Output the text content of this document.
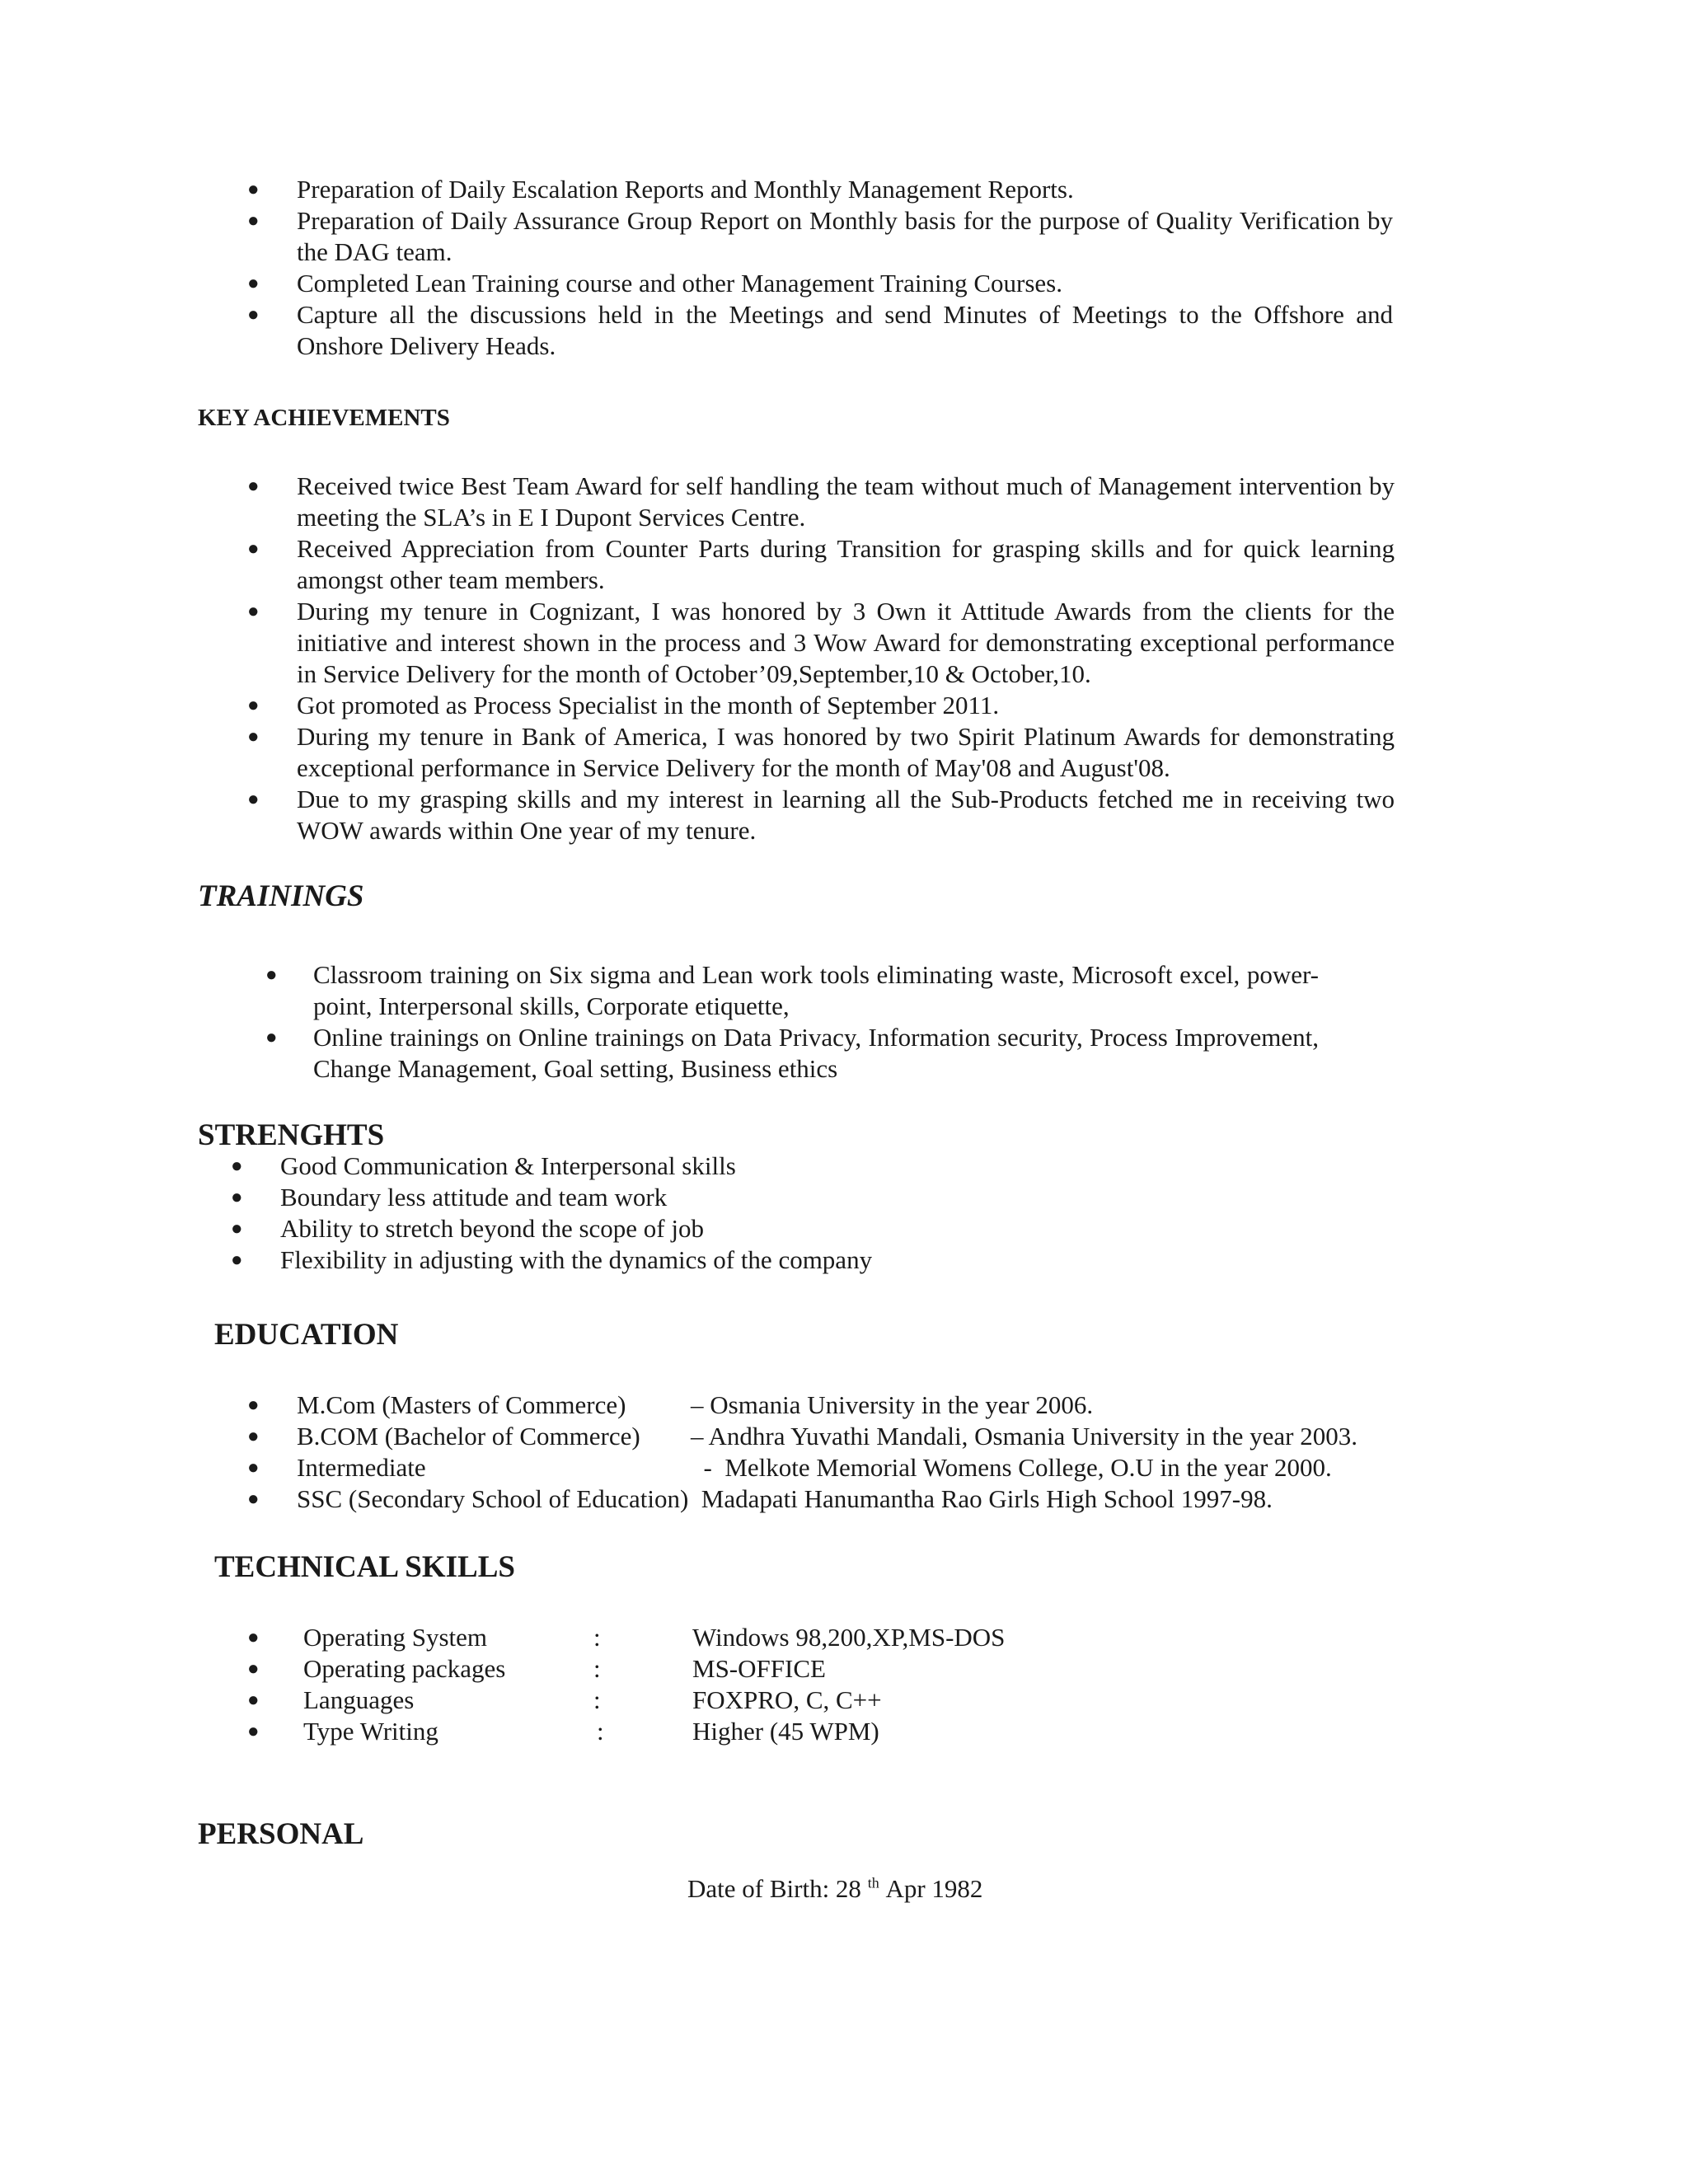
● Preparation of Daily Escalation Reports and Monthly Management Reports.
● Preparation of Daily Assurance Group Report on Monthly basis for the purpose of Quality Verification by the DAG team.
● Completed Lean Training course and other Management Training Courses.
● Capture all the discussions held in the Meetings and send Minutes of Meetings to the Offshore and Onshore Delivery Heads.
KEY ACHIEVEMENTS
● Received twice Best Team Award for self handling the team without much of Management intervention by meeting the SLA’s in E I Dupont Services Centre.
● Received Appreciation from Counter Parts during Transition for grasping skills and for quick learning amongst other team members.
● During my tenure in Cognizant, I was honored by 3 Own it Attitude Awards from the clients for the initiative and interest shown in the process and 3 Wow Award for demonstrating exceptional performance in Service Delivery for the month of October’09,September,10 & October,10.
● Got promoted as Process Specialist in the month of September 2011.
● During my tenure in Bank of America, I was honored by two Spirit Platinum Awards for demonstrating exceptional performance in Service Delivery for the month of May'08 and August'08.
● Due to my grasping skills and my interest in learning all the Sub-Products fetched me in receiving two WOW awards within One year of my tenure.
TRAININGS
● Classroom training on Six sigma and Lean work tools eliminating waste, Microsoft excel, power-point, Interpersonal skills, Corporate etiquette,
● Online trainings on Online trainings on Data Privacy, Information security, Process Improvement, Change Management, Goal setting, Business ethics
STRENGHTS
● Good Communication & Interpersonal skills
● Boundary less attitude and team work
● Ability to stretch beyond the scope of job
● Flexibility in adjusting with the dynamics of the company
EDUCATION
● M.Com (Masters of Commerce)	– Osmania University in the year 2006.
● B.COM (Bachelor of Commerce) – Andhra Yuvathi Mandali, Osmania University in the year 2003.
● Intermediate	-  Melkote Memorial Womens College, O.U in the year 2000.
● SSC (Secondary School of Education) Madapati Hanumantha Rao Girls High School 1997-98.
TECHNICAL SKILLS
● Operating System	:	Windows 98,200,XP,MS-DOS
● Operating packages	:	MS-OFFICE
● Languages	:	FOXPRO, C, C++
● Type Writing	:	Higher (45 WPM)
PERSONAL
Date of Birth: 28 $^{th}$ Apr 1982
